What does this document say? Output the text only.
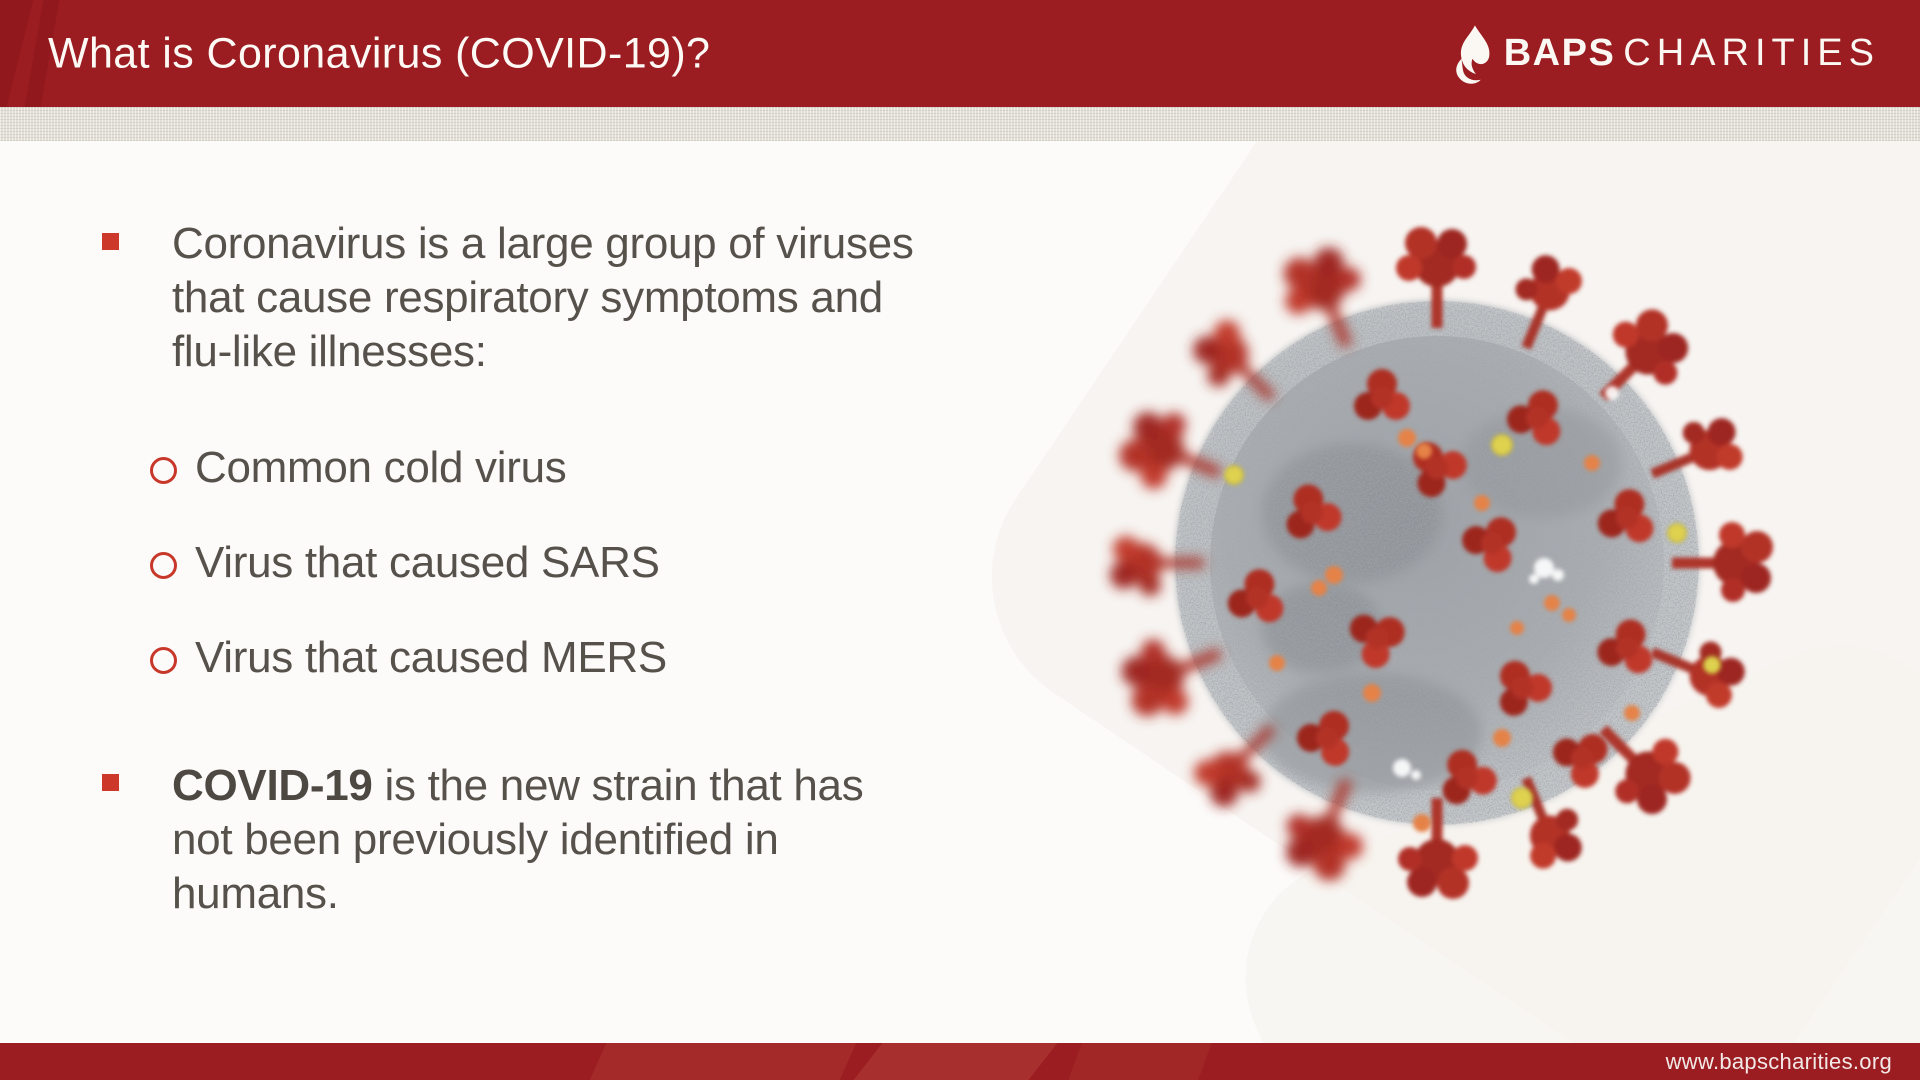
What is Coronavirus (COVID-19)?	BAPS CHARITIES
Coronavirus is a large group of viruses
that cause respiratory symptoms and
flu-like illnesses:
Common cold virus
Virus that caused SARS
Virus that caused MERS
COVID-19 is the new strain that has
not been previously identified in
humans.
www.bapscharities.org
